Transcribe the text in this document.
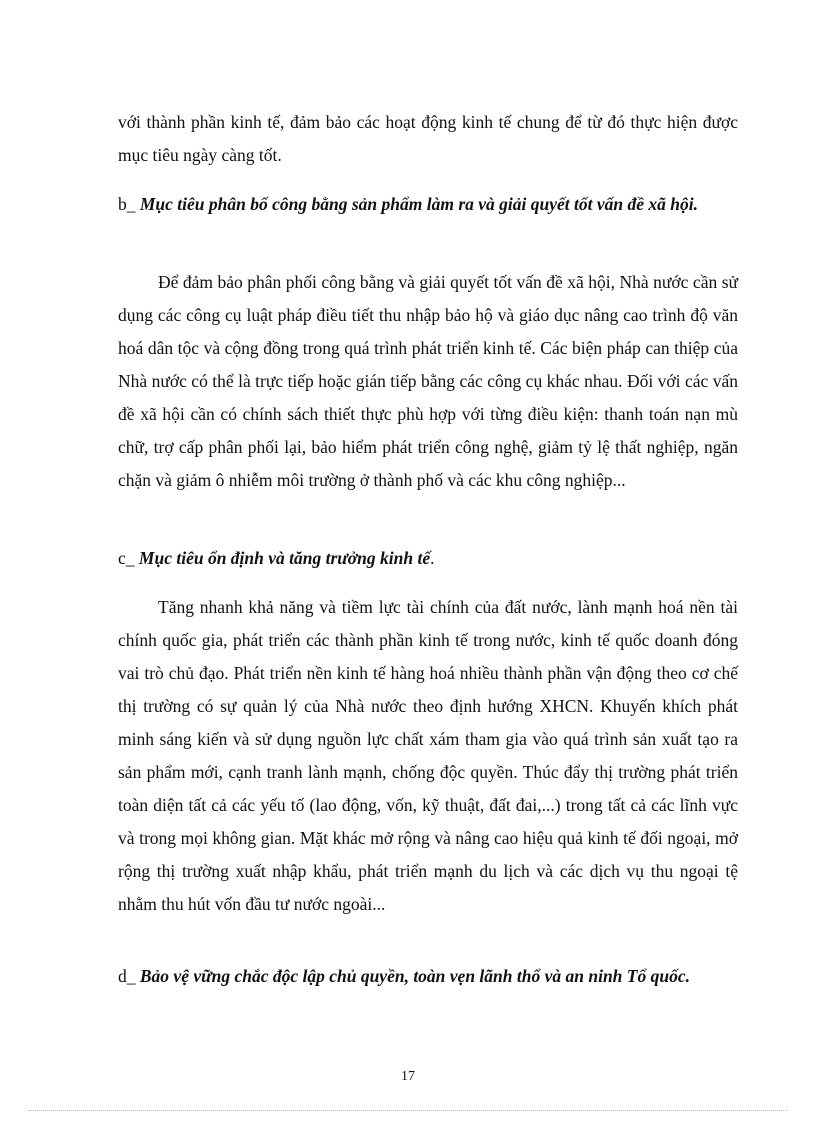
với thành phần kinh tế, đảm bảo các hoạt động kinh tế chung để từ đó thực hiện được mục tiêu ngày càng tốt.

b_ Mục tiêu phân bố công bằng sản phẩm làm ra và giải quyết tốt vấn đề xã hội.

Để đảm bảo phân phối công bằng và giải quyết tốt vấn đề xã hội, Nhà nước cần sử dụng các công cụ luật pháp điều tiết thu nhập bảo hộ và giáo dục nâng cao trình độ văn hoá dân tộc và cộng đồng trong quá trình phát triển kinh tế. Các biện pháp can thiệp của Nhà nước có thể là trực tiếp hoặc gián tiếp bằng các công cụ khác nhau. Đối với các vấn đề xã hội cần có chính sách thiết thực phù hợp với từng điều kiện: thanh toán nạn mù chữ, trợ cấp phân phối lại, bảo hiểm phát triển công nghệ, giảm tỷ lệ thất nghiệp, ngăn chặn và giảm ô nhiễm môi trường ở thành phố và các khu công nghiệp...

c_ Mục tiêu ổn định và tăng trưởng kinh tế.

Tăng nhanh khả năng và tiềm lực tài chính của đất nước, lành mạnh hoá nền tài chính quốc gia, phát triển các thành phần kinh tế trong nước, kinh tế quốc doanh đóng vai trò chủ đạo. Phát triển nền kinh tế hàng hoá nhiều thành phần vận động theo cơ chế thị trường có sự quản lý của Nhà nước theo định hướng XHCN. Khuyến khích phát minh sáng kiến và sử dụng nguồn lực chất xám tham gia vào quá trình sản xuất tạo ra sản phẩm mới, cạnh tranh lành mạnh, chống độc quyền. Thúc đẩy thị trường phát triển toàn diện tất cả các yếu tố (lao động, vốn, kỹ thuật, đất đai,...) trong tất cả các lĩnh vực và trong mọi không gian. Mặt khác mở rộng và nâng cao hiệu quả kinh tế đối ngoại, mở rộng thị trường xuất nhập khẩu, phát triển mạnh du lịch và các dịch vụ thu ngoại tệ nhằm thu hút vốn đầu tư nước ngoài...

d_ Bảo vệ vững chắc độc lập chủ quyền, toàn vẹn lãnh thổ và an ninh Tổ quốc.

17
